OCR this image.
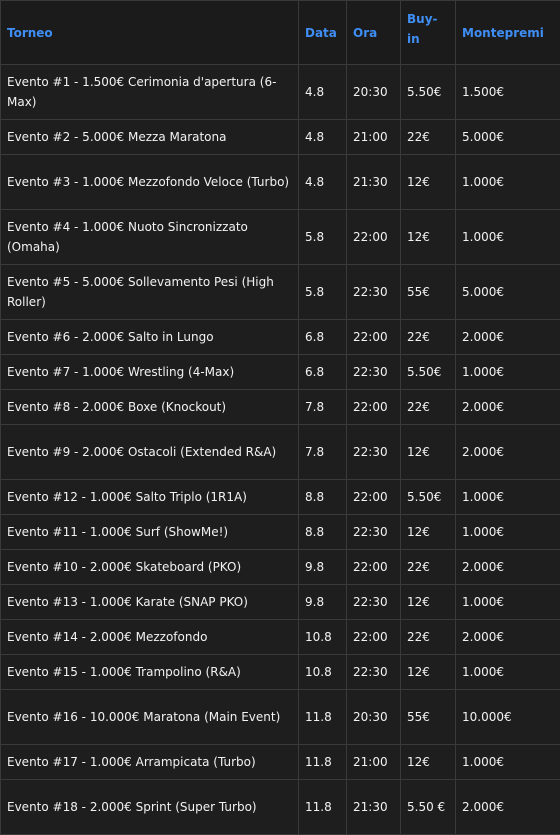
Torneo	Data	Ora	Buy-in	Montepremi
Evento #1 - 1.500€ Cerimonia d'apertura (6-Max)	4.8	20:30	5.50€	1.500€
Evento #2 - 5.000€ Mezza Maratona	4.8	21:00	22€	5.000€
Evento #3 - 1.000€ Mezzofondo Veloce (Turbo)	4.8	21:30	12€	1.000€
Evento #4 - 1.000€ Nuoto Sincronizzato (Omaha)	5.8	22:00	12€	1.000€
Evento #5 - 5.000€ Sollevamento Pesi (High Roller)	5.8	22:30	55€	5.000€
Evento #6 - 2.000€ Salto in Lungo	6.8	22:00	22€	2.000€
Evento #7 - 1.000€ Wrestling (4-Max)	6.8	22:30	5.50€	1.000€
Evento #8 - 2.000€ Boxe (Knockout)	7.8	22:00	22€	2.000€
Evento #9 - 2.000€ Ostacoli (Extended R&A)	7.8	22:30	12€	2.000€
Evento #12 - 1.000€ Salto Triplo (1R1A)	8.8	22:00	5.50€	1.000€
Evento #11 - 1.000€ Surf (ShowMe!)	8.8	22:30	12€	1.000€
Evento #10 - 2.000€ Skateboard (PKO)	9.8	22:00	22€	2.000€
Evento #13 - 1.000€ Karate (SNAP PKO)	9.8	22:30	12€	1.000€
Evento #14 - 2.000€ Mezzofondo	10.8	22:00	22€	2.000€
Evento #15 - 1.000€ Trampolino (R&A)	10.8	22:30	12€	1.000€
Evento #16 - 10.000€ Maratona (Main Event)	11.8	20:30	55€	10.000€
Evento #17 - 1.000€ Arrampicata (Turbo)	11.8	21:00	12€	1.000€
Evento #18 - 2.000€ Sprint (Super Turbo)	11.8	21:30	5.50 €	2.000€
